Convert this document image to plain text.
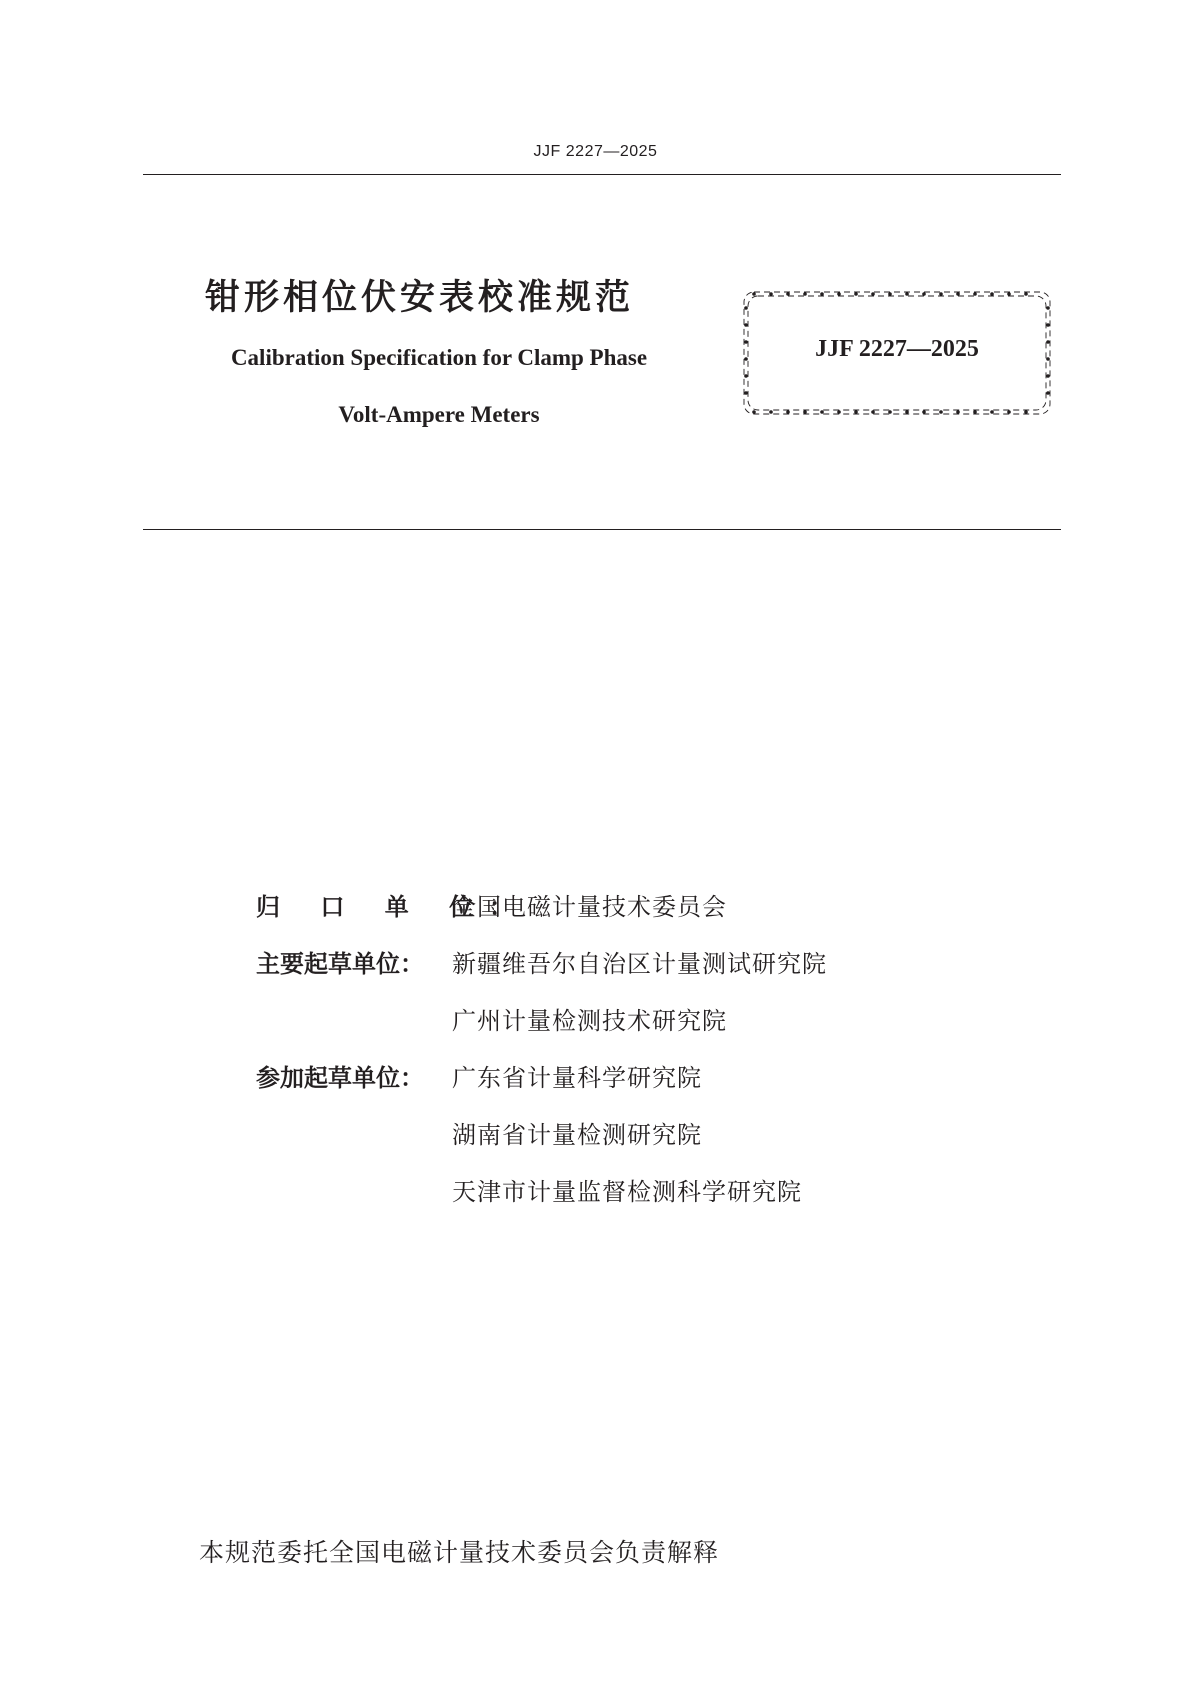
JJF 2227—2025
钳形相位伏安表校准规范
Calibration Specification for Clamp Phase
Volt-Ampere Meters
JJF 2227—2025
归 口 单 位：
全国电磁计量技术委员会
主要起草单位： 新疆维吾尔自治区计量测试研究院
广州计量检测技术研究院
参加起草单位： 广东省计量科学研究院
湖南省计量检测研究院
天津市计量监督检测科学研究院
本规范委托全国电磁计量技术委员会负责解释
